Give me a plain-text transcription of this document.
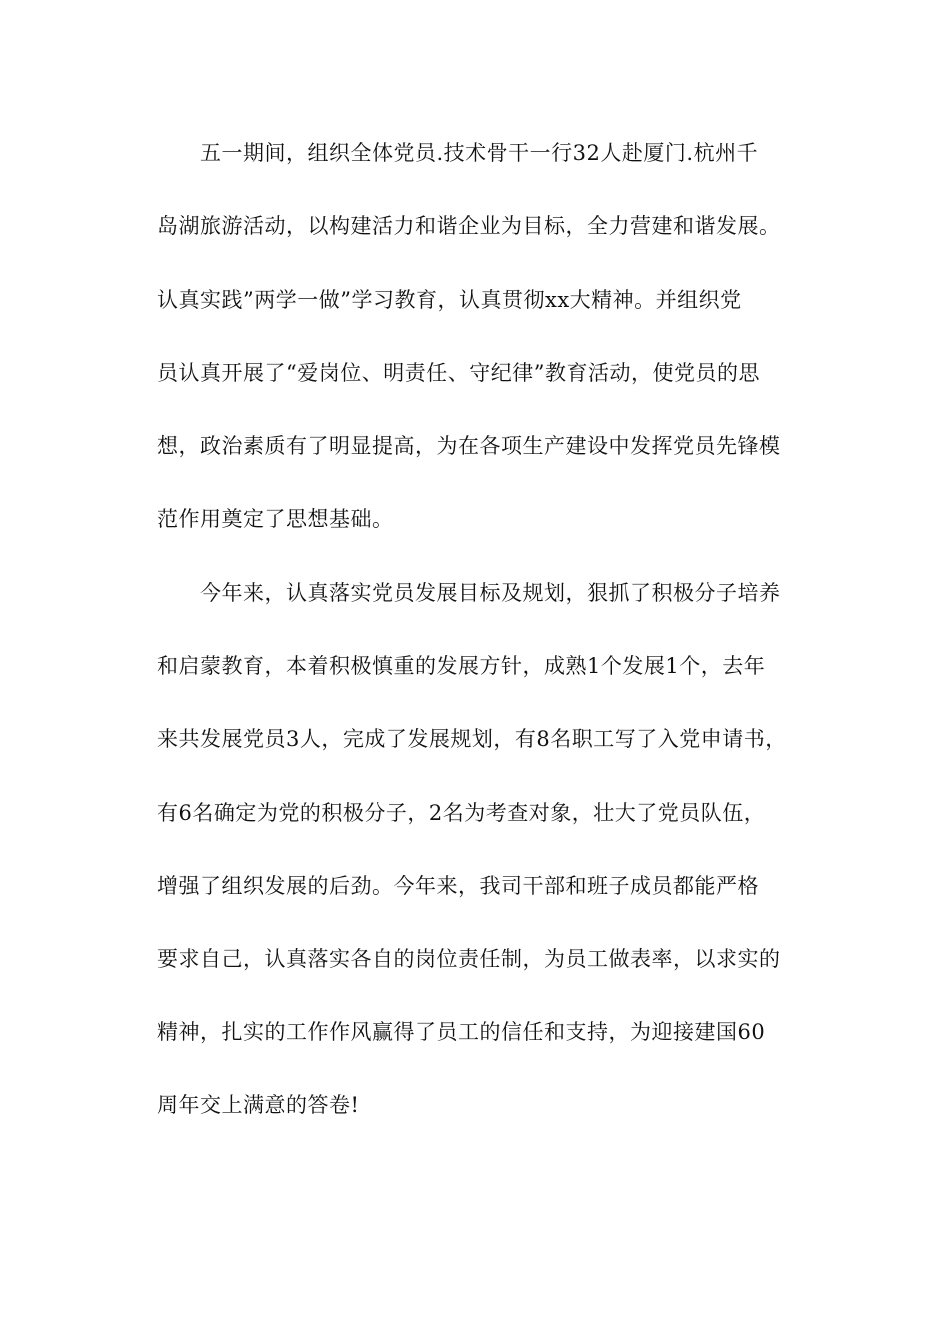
五一期间，组织全体党员.技术骨干一行32人赴厦门.杭州千
岛湖旅游活动，以构建活力和谐企业为目标，全力营建和谐发展。
认真实践”两学一做”学习教育，认真贯彻xx大精神。并组织党
员认真开展了“爱岗位、明责任、守纪律”教育活动，使党员的思
想，政治素质有了明显提高，为在各项生产建设中发挥党员先锋模
范作用奠定了思想基础。
今年来，认真落实党员发展目标及规划，狠抓了积极分子培养
和启蒙教育，本着积极慎重的发展方针，成熟1个发展1个，去年
来共发展党员3人，完成了发展规划，有8名职工写了入党申请书，
有6名确定为党的积极分子，2名为考查对象，壮大了党员队伍，
增强了组织发展的后劲。今年来，我司干部和班子成员都能严格
要求自己，认真落实各自的岗位责任制，为员工做表率，以求实的
精神，扎实的工作作风赢得了员工的信任和支持，为迎接建国60
周年交上满意的答卷!
